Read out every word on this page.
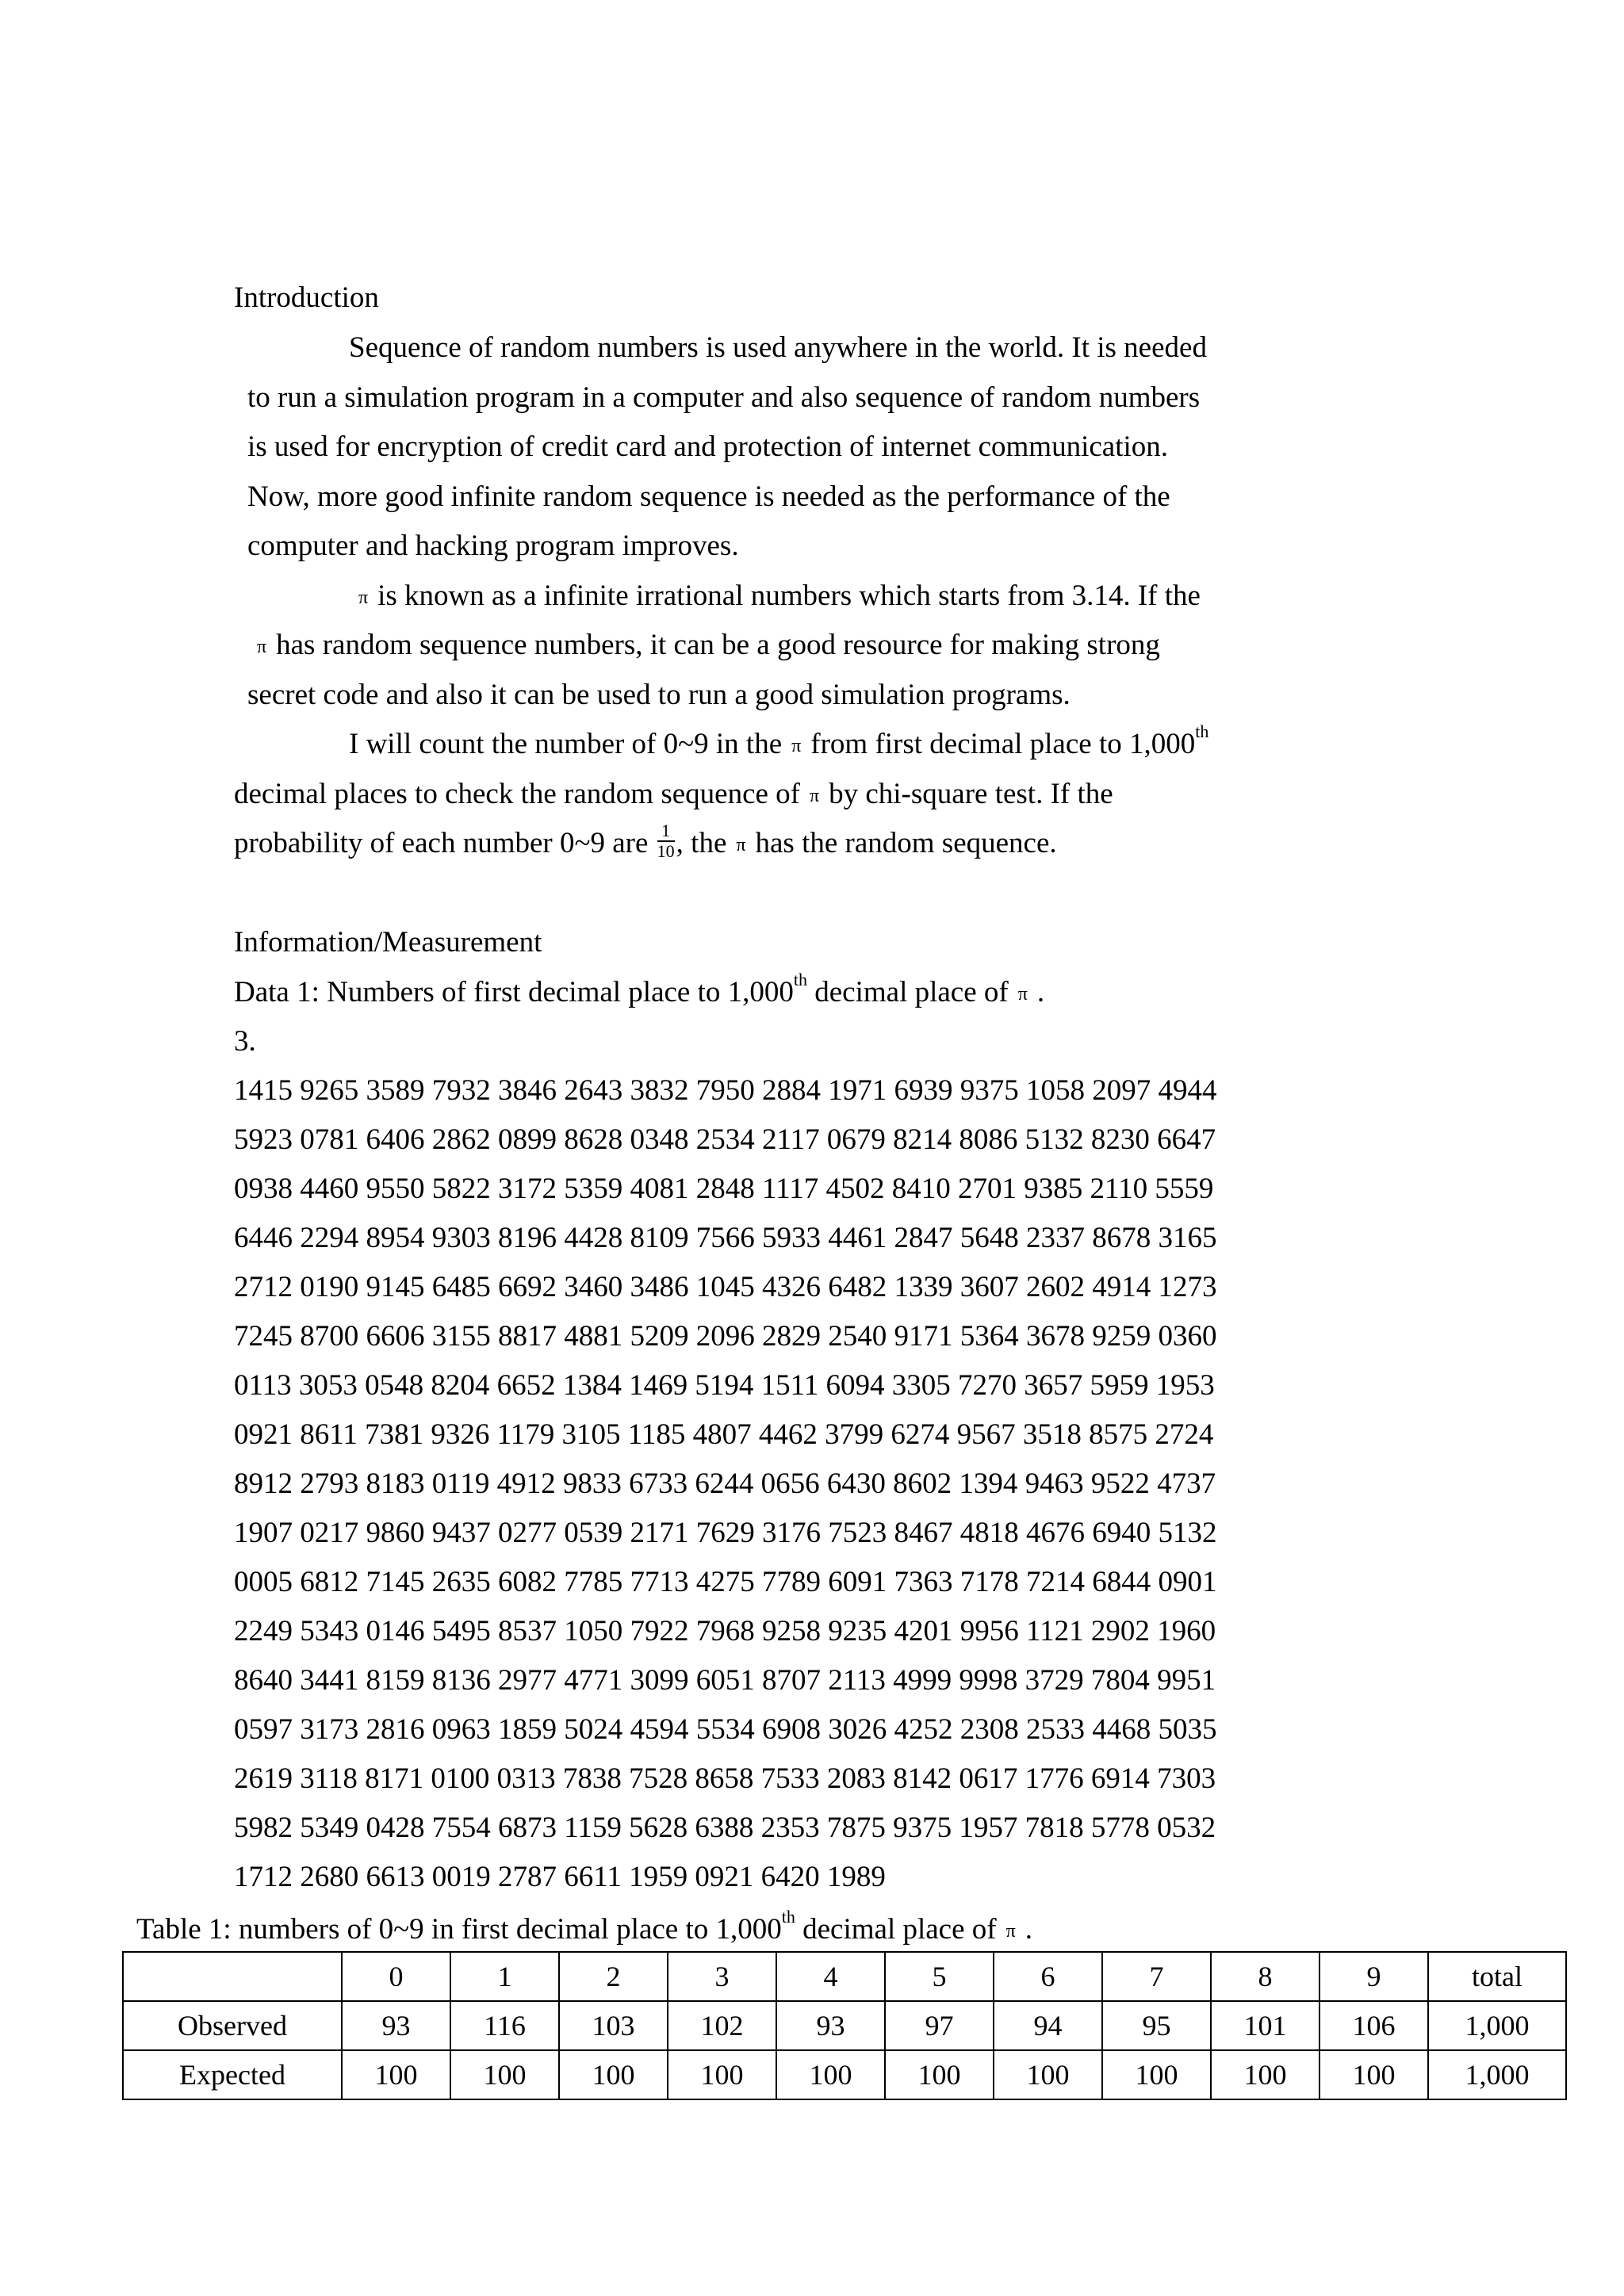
Introduction
Sequence of random numbers is used anywhere in the world. It is needed
to run a simulation program in a computer and also sequence of random numbers
is used for encryption of credit card and protection of internet communication.
Now, more good infinite random sequence is needed as the performance of the
computer and hacking program improves.
π is known as a infinite irrational numbers which starts from 3.14. If the
π has random sequence numbers, it can be a good resource for making strong
secret code and also it can be used to run a good simulation programs.
I will count the number of 0~9 in the π from first decimal place to 1,000th
decimal places to check the random sequence of π by chi-square test. If the
probability of each number 0~9 are $\frac{1}{10}$ , the π has the random sequence.
Information/Measurement
Data 1: Numbers of first decimal place to 1,000th decimal place of π .
3.
1415 9265 3589 7932 3846 2643 3832 7950 2884 1971 6939 9375 1058 2097 4944
5923 0781 6406 2862 0899 8628 0348 2534 2117 0679 8214 8086 5132 8230 6647
0938 4460 9550 5822 3172 5359 4081 2848 1117 4502 8410 2701 9385 2110 5559
6446 2294 8954 9303 8196 4428 8109 7566 5933 4461 2847 5648 2337 8678 3165
2712 0190 9145 6485 6692 3460 3486 1045 4326 6482 1339 3607 2602 4914 1273
7245 8700 6606 3155 8817 4881 5209 2096 2829 2540 9171 5364 3678 9259 0360
0113 3053 0548 8204 6652 1384 1469 5194 1511 6094 3305 7270 3657 5959 1953
0921 8611 7381 9326 1179 3105 1185 4807 4462 3799 6274 9567 3518 8575 2724
8912 2793 8183 0119 4912 9833 6733 6244 0656 6430 8602 1394 9463 9522 4737
1907 0217 9860 9437 0277 0539 2171 7629 3176 7523 8467 4818 4676 6940 5132
0005 6812 7145 2635 6082 7785 7713 4275 7789 6091 7363 7178 7214 6844 0901
2249 5343 0146 5495 8537 1050 7922 7968 9258 9235 4201 9956 1121 2902 1960
8640 3441 8159 8136 2977 4771 3099 6051 8707 2113 4999 9998 3729 7804 9951
0597 3173 2816 0963 1859 5024 4594 5534 6908 3026 4252 2308 2533 4468 5035
2619 3118 8171 0100 0313 7838 7528 8658 7533 2083 8142 0617 1776 6914 7303
5982 5349 0428 7554 6873 1159 5628 6388 2353 7875 9375 1957 7818 5778 0532
1712 2680 6613 0019 2787 6611 1959 0921 6420 1989
Table 1: numbers of 0~9 in first decimal place to 1,000th decimal place of π .
	0	1	2	3	4	5	6	7	8	9	total
Observed	93	116	103	102	93	97	94	95	101	106	1,000
Expected	100	100	100	100	100	100	100	100	100	100	1,000
